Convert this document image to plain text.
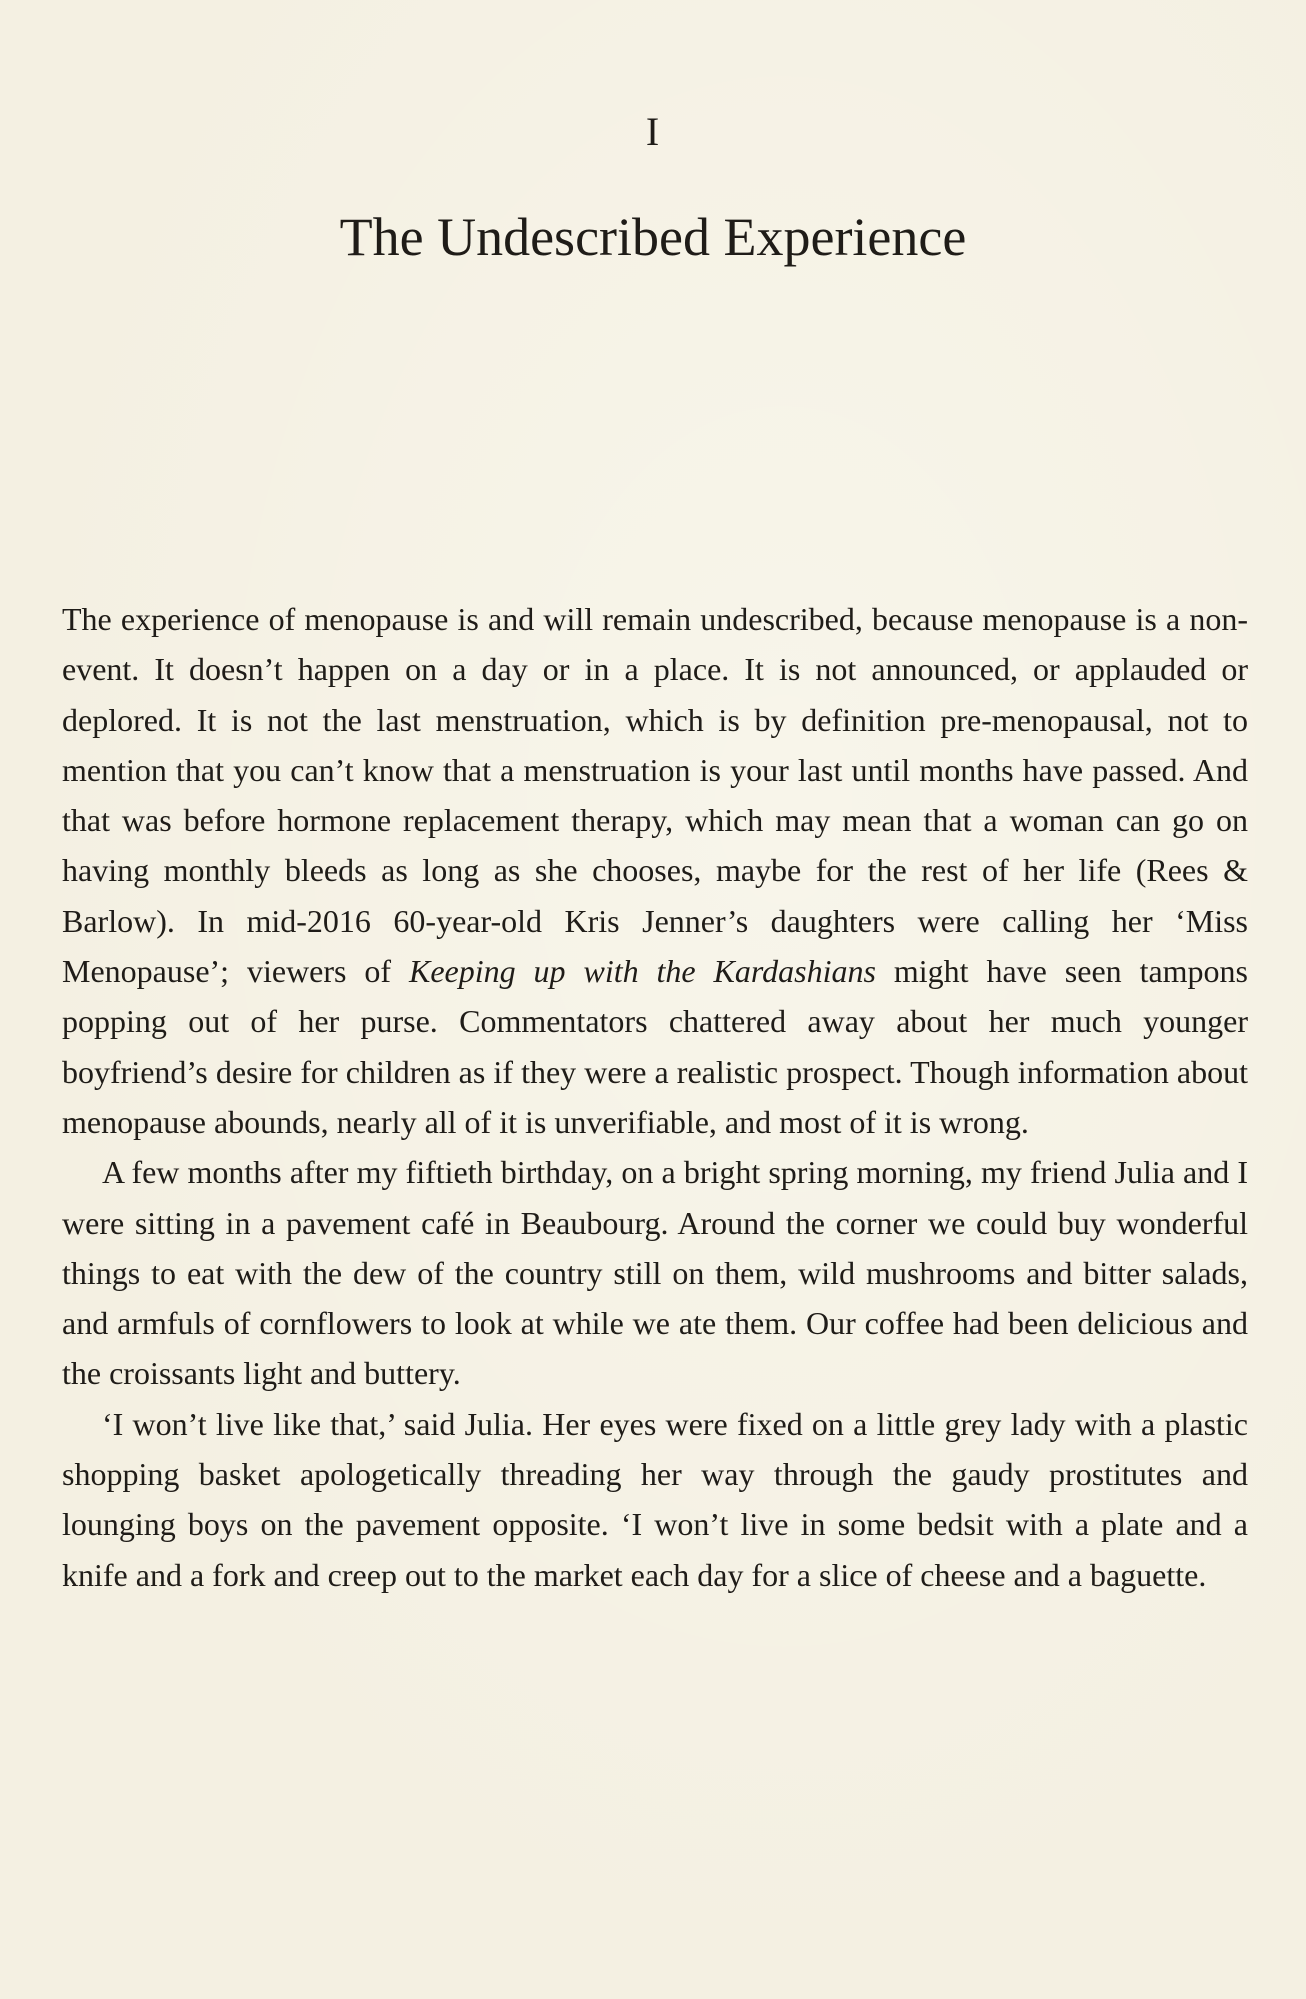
I
The Undescribed Experience

The experience of menopause is and will remain undescribed, because menopause is a non-event. It doesn’t happen on a day or in a place. It is not announced, or applauded or deplored. It is not the last menstruation, which is by definition pre-menopausal, not to mention that you can’t know that a menstruation is your last until months have passed. And that was before hormone replacement therapy, which may mean that a woman can go on having monthly bleeds as long as she chooses, maybe for the rest of her life (Rees & Barlow). In mid-2016 60-year-old Kris Jenner’s daughters were calling her ‘Miss Menopause’; viewers of Keeping up with the Kardashians might have seen tampons popping out of her purse. Commentators chattered away about her much younger boyfriend’s desire for children as if they were a realistic prospect. Though information about menopause abounds, nearly all of it is unverifiable, and most of it is wrong.

A few months after my fiftieth birthday, on a bright spring morning, my friend Julia and I were sitting in a pavement café in Beaubourg. Around the corner we could buy wonderful things to eat with the dew of the country still on them, wild mushrooms and bitter salads, and armfuls of cornflowers to look at while we ate them. Our coffee had been delicious and the croissants light and buttery.

‘I won’t live like that,’ said Julia. Her eyes were fixed on a little grey lady with a plastic shopping basket apologetically threading her way through the gaudy prostitutes and lounging boys on the pavement opposite. ‘I won’t live in some bedsit with a plate and a knife and a fork and creep out to the market each day for a slice of cheese and a baguette.
